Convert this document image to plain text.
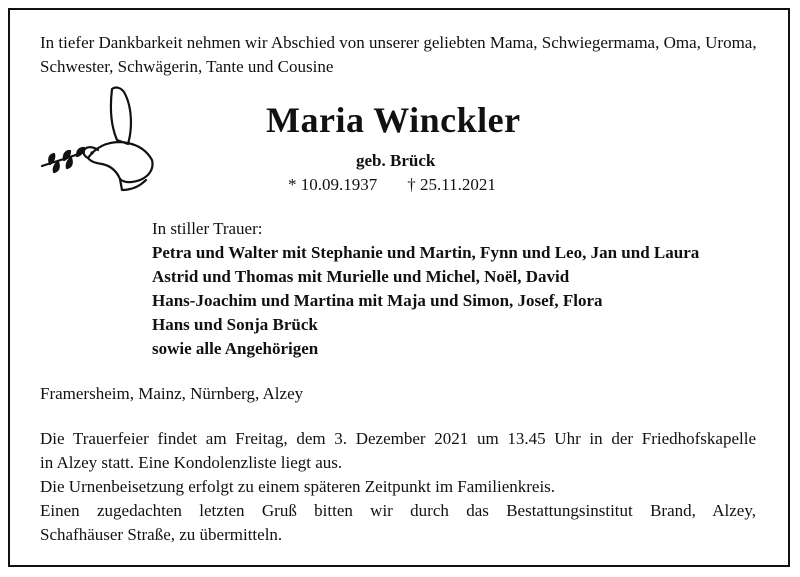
In tiefer Dankbarkeit nehmen wir Abschied von unserer geliebten Mama, Schwiegermama, Oma, Uroma, Schwester, Schwägerin, Tante und Cousine
Maria Winckler
geb. Brück
* 10.09.1937 † 25.11.2021
In stiller Trauer:
Petra und Walter mit Stephanie und Martin, Fynn und Leo, Jan und Laura
Astrid und Thomas mit Murielle und Michel, Noël, David
Hans-Joachim und Martina mit Maja und Simon, Josef, Flora
Hans und Sonja Brück
sowie alle Angehörigen
Framersheim, Mainz, Nürnberg, Alzey

Die Trauerfeier findet am Freitag, dem 3. Dezember 2021 um 13.45 Uhr in der Friedhofskapelle

in Alzey statt. Eine Kondolenzliste liegt aus.

Die Urnenbeisetzung erfolgt zu einem späteren Zeitpunkt im Familienkreis.

Einen zugedachten letzten Gruß bitten wir durch das Bestattungsinstitut Brand, Alzey,

Schafhäuser Straße, zu übermitteln.
